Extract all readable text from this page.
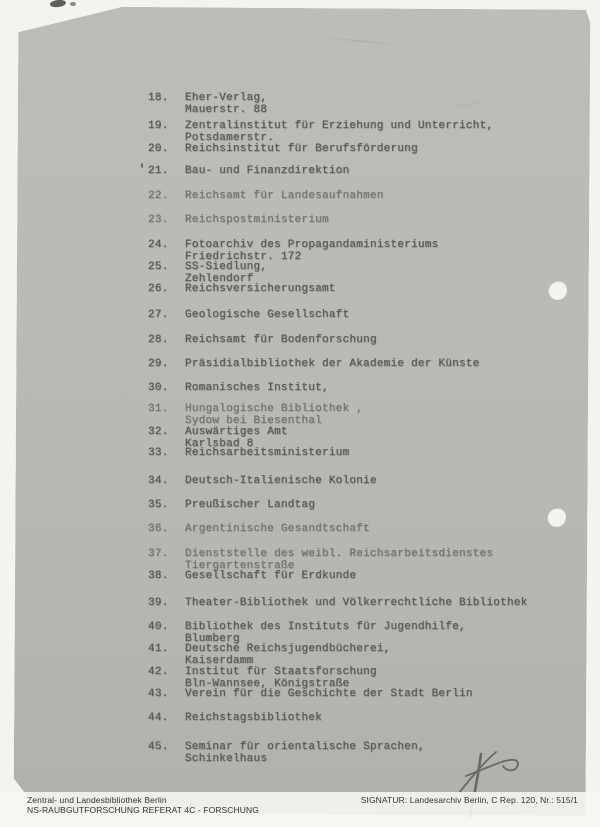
18. Eher-Verlag,
Mauerstr. 88
19. Zentralinstitut für Erziehung und Unterricht,
Potsdamerstr.
20. Reichsinstitut für Berufsförderung
21. Bau- und Finanzdirektion
22. Reichsamt für Landesaufnahmen
23. Reichspostministerium
24. Fotoarchiv des Propagandaministeriums
Friedrichstr. 172
25. SS-Siedlung,
Zehlendorf
26. Reichsversicherungsamt
27. Geologische Gesellschaft
28. Reichsamt für Bodenforschung
29. Präsidialbibliothek der Akademie der Künste
30. Romanisches Institut,
31. Hungalogische Bibliothek ,
Sydow bei Biesenthal
32. Auswärtiges Amt
Karlsbad 8
33. Reichsarbeitsministerium
34. Deutsch-Italienische Kolonie
35. Preußischer Landtag
36. Argentinische Gesandtschaft
37. Dienststelle des weibl. Reichsarbeitsdienstes
Tiergartenstraße
38. Gesellschaft für Erdkunde
39. Theater-Bibliothek und Völkerrechtliche Bibliothek
40. Bibliothek des Instituts für Jugendhilfe,
Blumberg
41. Deutsche Reichsjugendbücherei,
Kaiserdamm
42. Institut für Staatsforschung
Bln-Wannsee, Königstraße
43. Verein für die Geschichte der Stadt Berlin
44. Reichstagsbibliothek
45. Seminar für orientalische Sprachen,
Schinkelhaus
Zentral- und Landesbibliothek Berlin
NS-RAUBGUTFORSCHUNG REFERAT 4C - FORSCHUNG
SIGNATUR: Landesarchiv Berlin, C Rep. 120, Nr.: 515/1
